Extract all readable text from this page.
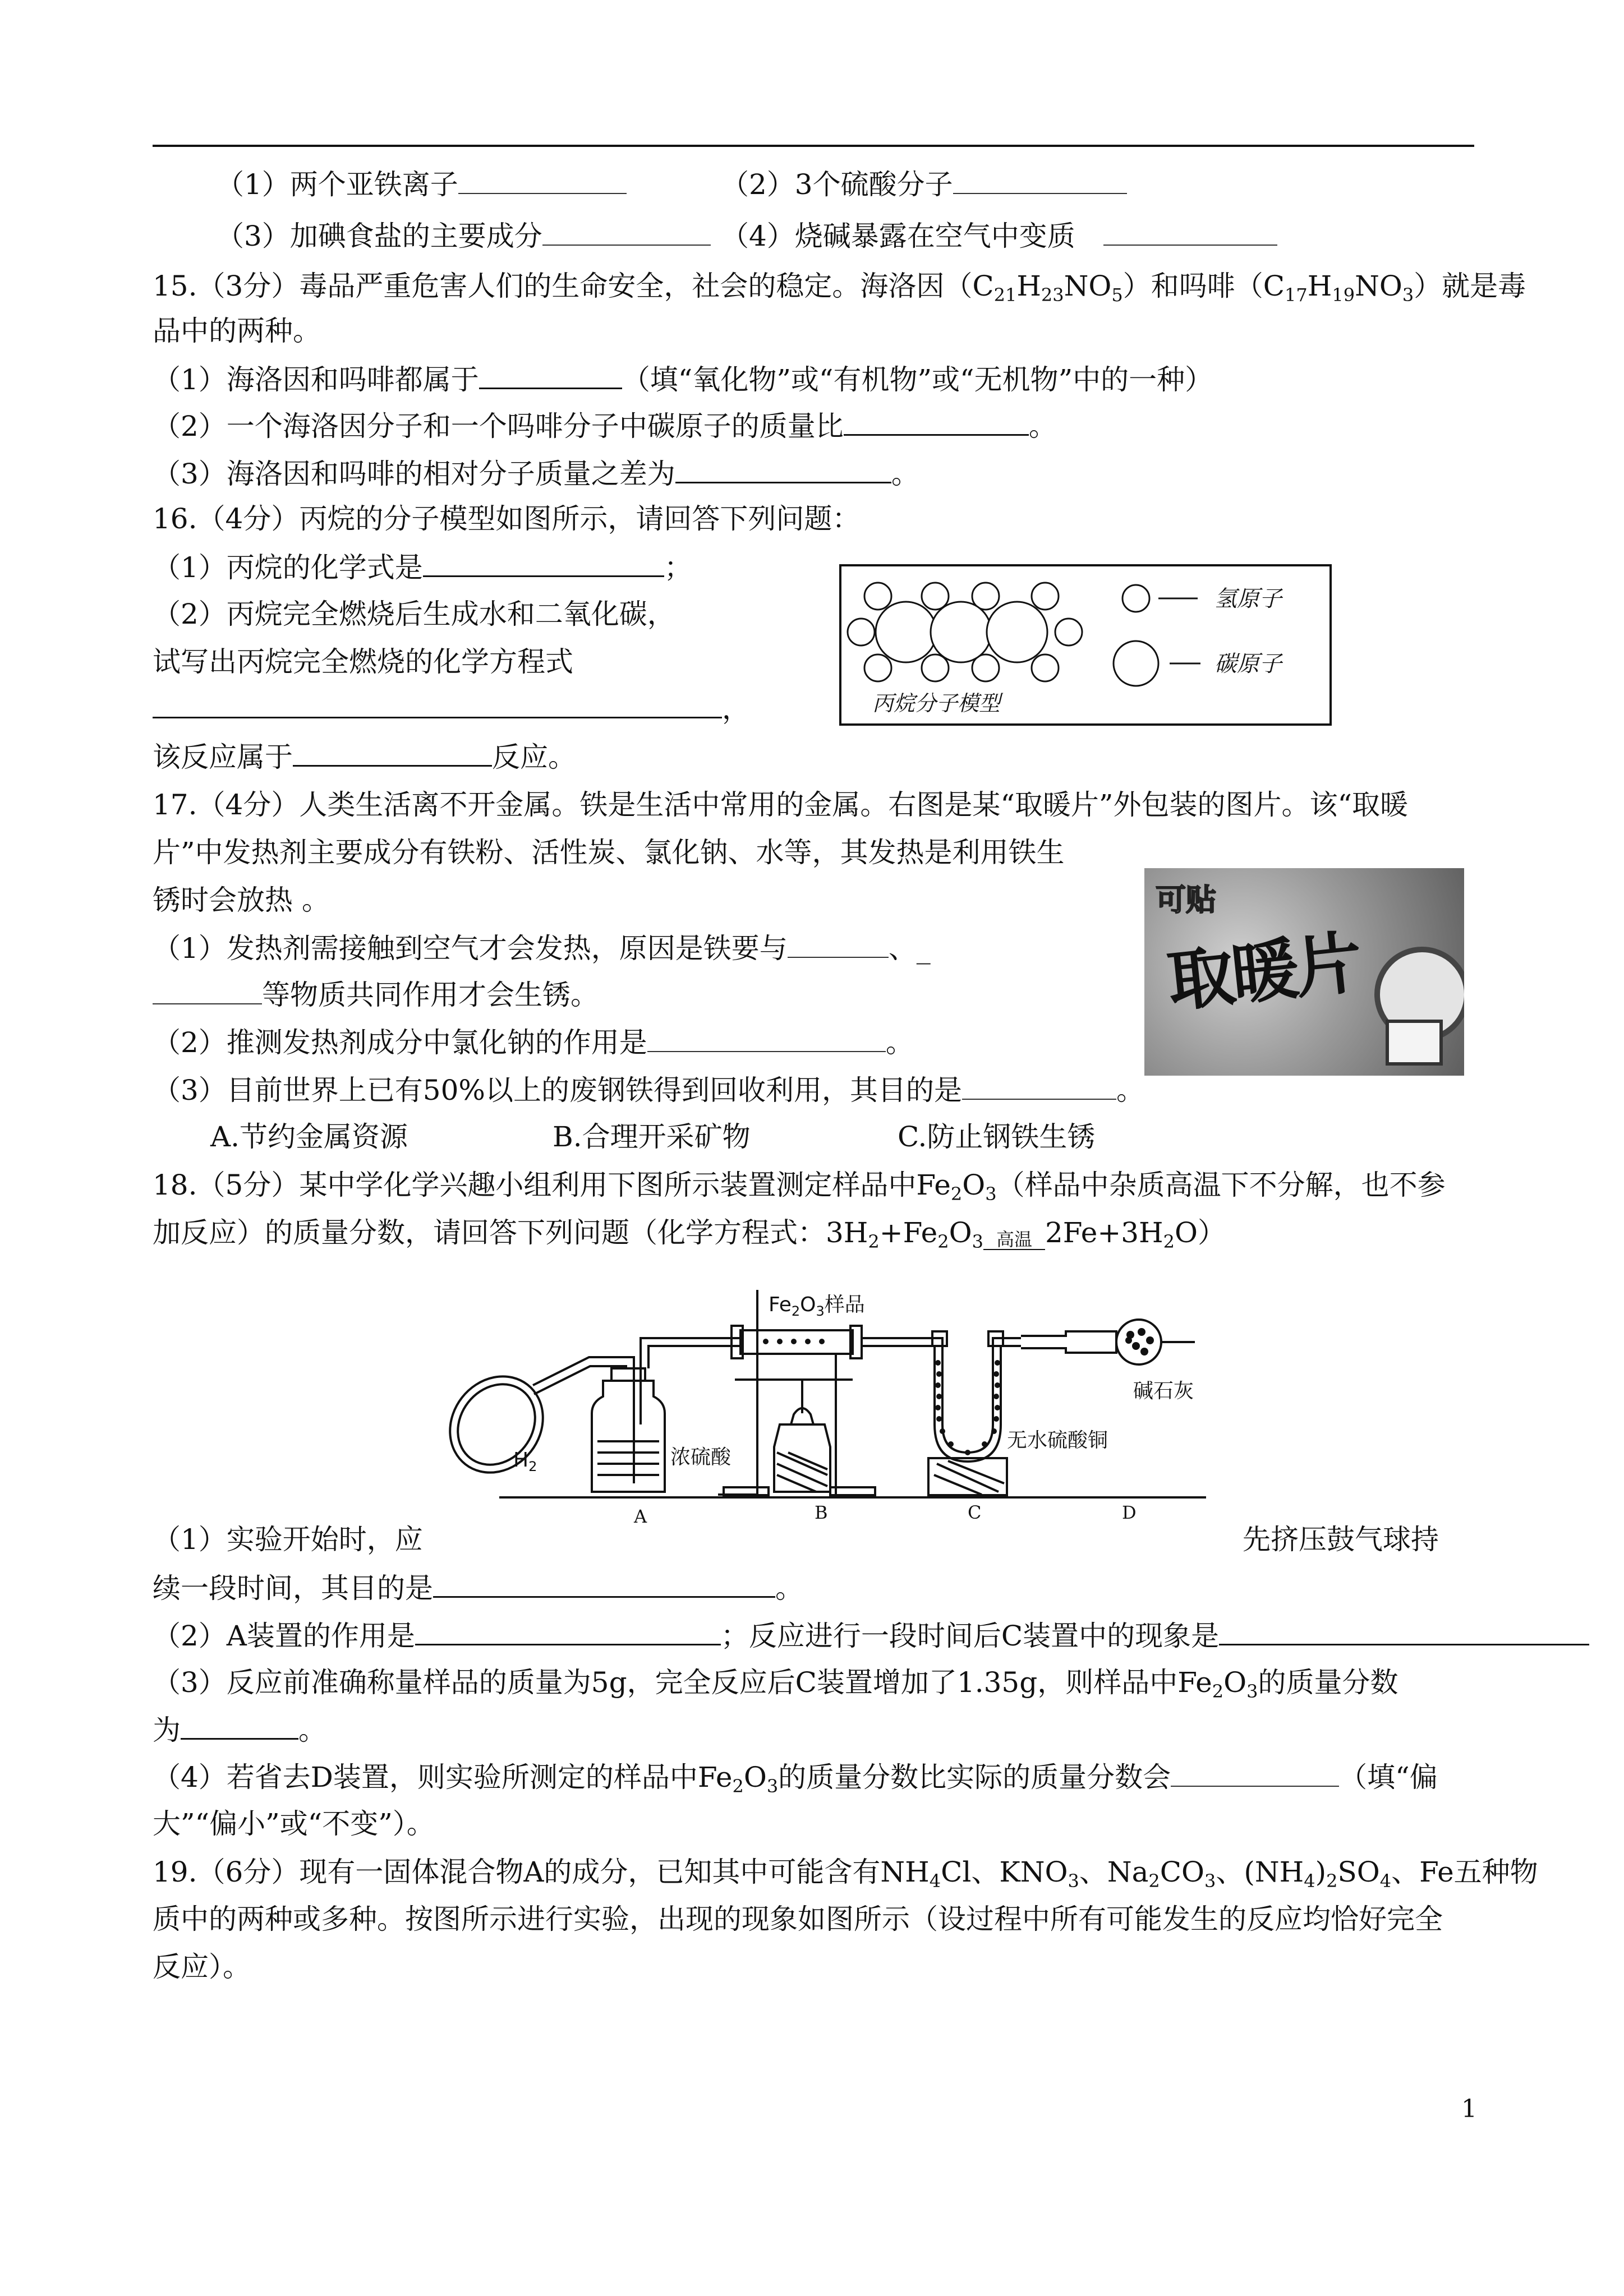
（1）两个亚铁离子	（2）3个硫酸分子
（3）加碘食盐的主要成分	（4）烧碱暴露在空气中变质
15.（3分）毒品严重危害人们的生命安全，社会的稳定。海洛因$(C_{21}H_{23}NO_5)$和吗啡$(C_{17}H_{19}NO_3)$就是毒
品中的两种。
（1）海洛因和吗啡都属于	（填“氧化物”或“有机物”或“无机物”中的一种）
（2）一个海洛因分子和一个吗啡分子中碳原子的质量比	。
（3）海洛因和吗啡的相对分子质量之差为	。
16.（4分）丙烷的分子模型如图所示，请回答下列问题：
（1）丙烷的化学式是	；
（2）丙烷完全燃烧后生成水和二氧化碳，
试写出丙烷完全燃烧的化学方程式
，
该反应属于	反应。
丙烷分子模型
氢原子
碳原子
17.（4分）人类生活离不开金属。铁是生活中常用的金属。右图是某“取暖片”外包装的图片。该“取暖
片”中发热剂主要成分有铁粉、活性炭、氯化钠、水等，其发热是利用铁生
锈时会放热 。
（1）发热剂需接触到空气才会发热，原因是铁要与	、_
等物质共同作用才会生锈。
（2）推测发热剂成分中氯化钠的作用是	。
（3）目前世界上已有50%以上的废钢铁得到回收利用，其目的是	。
A.节约金属资源	B.合理开采矿物	C.防止钢铁生锈
可贴
取暖片
18.（5分）某中学化学兴趣小组利用下图所示装置测定样品中$Fe_2O_3$（样品中杂质高温下不分解，也不参
加反应）的质量分数，请回答下列问题（化学方程式：$3H_2+Fe_2O_3$ 高温 $2Fe+3H_2O$）
$Fe_2O_3$样品
$H_2$	浓硫酸
无水硫酸铜
碱石灰
A	B	C	D
（1）实验开始时，应	先挤压鼓气球持
续一段时间，其目的是	。
（2）A装置的作用是	；反应进行一段时间后C装置中的现象是
（3）反应前准确称量样品的质量为5g，完全反应后C装置增加了1.35g，则样品中$Fe_2O_3$的质量分数
为	。
（4）若省去D装置，则实验所测定的样品中$Fe_2O_3$的质量分数比实际的质量分数会	（填“偏
大”“偏小”或“不变”）。
19.（6分）现有一固体混合物A的成分，已知其中可能含有$NH_4Cl$、$KNO_3$、$Na_2CO_3$、$(NH_4)_2SO_4$、Fe五种物
质中的两种或多种。按图所示进行实验，出现的现象如图所示（设过程中所有可能发生的反应均恰好完全
反应）。
1
